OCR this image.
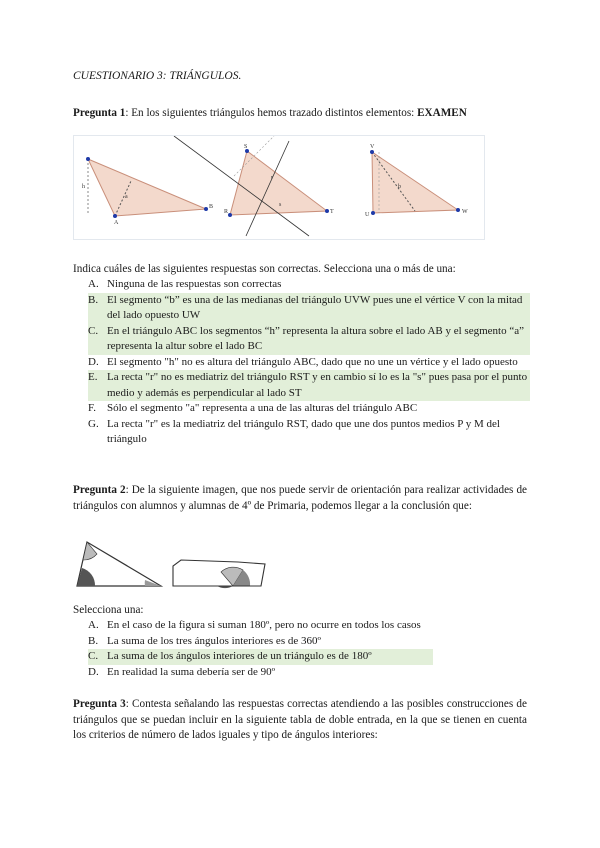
CUESTIONARIO 3: TRIÁNGULOS.
Pregunta 1: En los siguientes triángulos hemos trazado distintos elementos: EXAMEN
h
a
B
A
R
S
T
r
s
V
U	W
b
Indica cuáles de las siguientes respuestas son correctas. Selecciona una o más de una:
A. Ninguna de las respuestas son correctas
B. El segmento “b” es una de las medianas del triángulo UVW pues une el vértice V con la mitad del lado opuesto UW
C. En el triángulo ABC los segmentos “h” representa la altura sobre el lado AB y el segmento “a” representa la altur sobre el lado BC
D. El segmento "h" no es altura del triángulo ABC, dado que no une un vértice y el lado opuesto
E. La recta "r" no es mediatriz del triángulo RST y en cambio sí lo es la "s" pues pasa por el punto medio y además es perpendicular al lado ST
F.	Sólo el segmento "a" representa a una de las alturas del triángulo ABC
G. La recta "r" es la mediatriz del triángulo RST, dado que une dos puntos medios P y M del triángulo
Pregunta 2: De la siguiente imagen, que nos puede servir de orientación para realizar actividades de triángulos con alumnos y alumnas de 4º de Primaria, podemos llegar a la conclusión que:
Selecciona una:
A. En el caso de la figura si suman 180º, pero no ocurre en todos los casos
B. La suma de los tres ángulos interiores es de 360º
C. La suma de los ángulos interiores de un triángulo es de 180º
D. En realidad la suma debería ser de 90º
Pregunta 3: Contesta señalando las respuestas correctas atendiendo a las posibles construcciones de triángulos que se puedan incluir en la siguiente tabla de doble entrada, en la que se tienen en cuenta los criterios de número de lados iguales y tipo de ángulos interiores:
